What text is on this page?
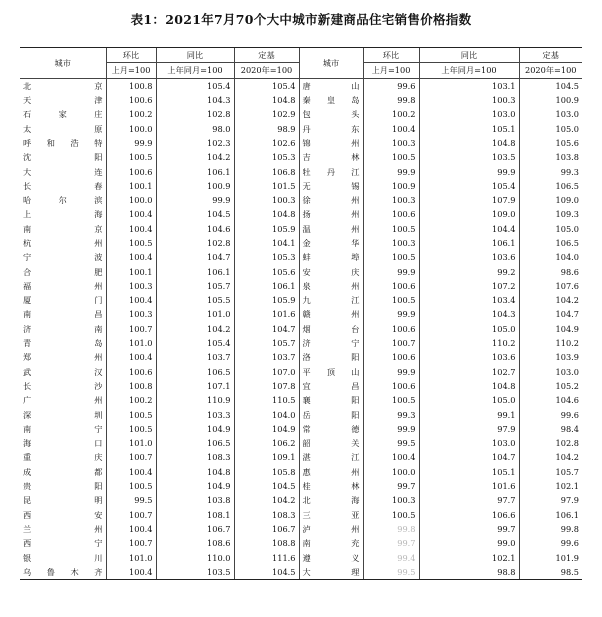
表1：2021年7月70个大中城市新建商品住宅销售价格指数
城市	环比	同比	定基	城市	环比	同比	定基
	上月=100	上年同月=100	2020年=100		上月=100	上年同月=100	2020年=100
北京	100.8	105.4	105.4	唐山	99.6	103.1	104.5
天津	100.6	104.3	104.8	秦皇岛	99.8	100.3	100.9
石家庄	100.2	102.8	102.9	包头	100.2	103.0	103.0
太原	100.0	98.0	98.9	丹东	100.4	105.1	105.0
呼和浩特	99.9	102.3	102.6	锦州	100.3	104.8	105.6
沈阳	100.5	104.2	105.3	吉林	100.5	103.5	103.8
大连	100.6	106.1	106.8	牡丹江	99.9	99.9	99.3
长春	100.1	100.9	101.5	无锡	100.9	105.4	106.5
哈尔滨	100.0	99.9	100.3	徐州	100.3	107.9	109.0
上海	100.4	104.5	104.8	扬州	100.6	109.0	109.3
南京	100.4	104.6	105.9	温州	100.5	104.4	105.0
杭州	100.5	102.8	104.1	金华	100.3	106.1	106.5
宁波	100.4	104.7	105.3	蚌埠	100.5	103.6	104.0
合肥	100.1	106.1	105.6	安庆	99.9	99.2	98.6
福州	100.3	105.7	106.1	泉州	100.6	107.2	107.6
厦门	100.4	105.5	105.9	九江	100.5	103.4	104.2
南昌	100.3	101.0	101.6	赣州	99.9	104.3	104.7
济南	100.7	104.2	104.7	烟台	100.6	105.0	104.9
青岛	101.0	105.4	105.7	济宁	100.7	110.2	110.2
郑州	100.4	103.7	103.7	洛阳	100.6	103.6	103.9
武汉	100.6	106.5	107.0	平顶山	99.9	102.7	103.0
长沙	100.8	107.1	107.8	宜昌	100.6	104.8	105.2
广州	100.2	110.9	110.5	襄阳	100.5	105.0	104.6
深圳	100.5	103.3	104.0	岳阳	99.3	99.1	99.6
南宁	100.5	104.9	104.9	常德	99.9	97.9	98.4
海口	101.0	106.5	106.2	韶关	99.5	103.0	102.8
重庆	100.7	108.3	109.1	湛江	100.4	104.7	104.2
成都	100.4	104.8	105.8	惠州	100.0	105.1	105.7
贵阳	100.5	104.9	104.5	桂林	99.7	101.6	102.1
昆明	99.5	103.8	104.2	北海	100.3	97.7	97.9
西安	100.7	108.1	108.3	三亚	100.5	106.6	106.1
兰州	100.4	106.7	106.7	泸州	99.8	99.7	99.8
西宁	100.7	108.6	108.8	南充	99.7	99.0	99.6
银川	101.0	110.0	111.6	遵义	99.4	102.1	101.9
乌鲁木齐	100.4	103.5	104.5	大理	99.5	98.8	98.5
